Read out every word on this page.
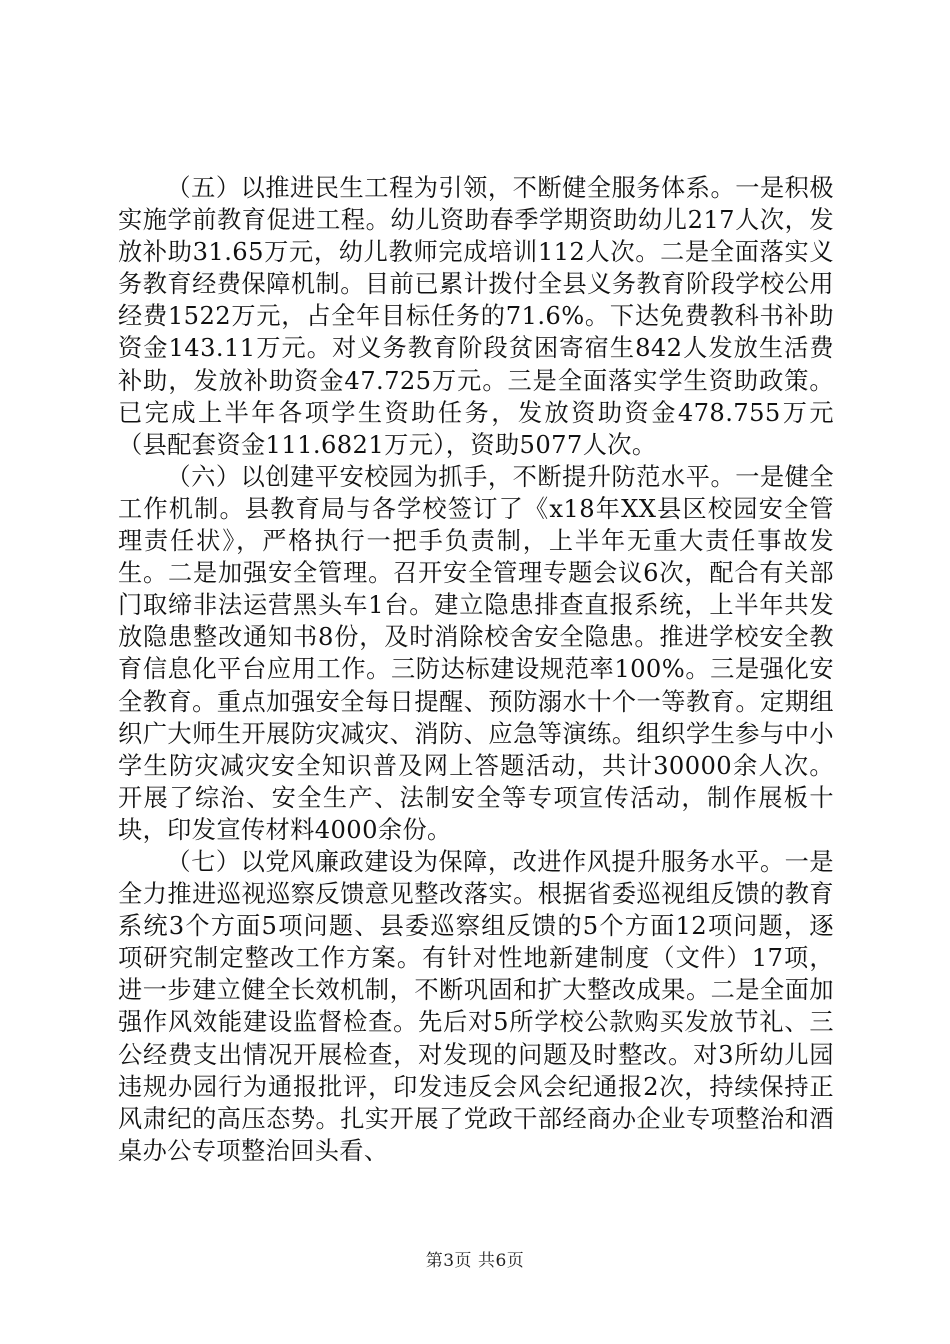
（五）以推进民生工程为引领，不断健全服务体系。一是积极实施学前教育促进工程。幼儿资助春季学期资助幼儿217人次，发放补助31.65万元，幼儿教师完成培训112人次。二是全面落实义务教育经费保障机制。目前已累计拨付全县义务教育阶段学校公用经费1522万元，占全年目标任务的71.6%。下达免费教科书补助资金143.11万元。对义务教育阶段贫困寄宿生842人发放生活费补助，发放补助资金47.725万元。三是全面落实学生资助政策。已完成上半年各项学生资助任务，发放资助资金478.755万元（县配套资金111.6821万元），资助5077人次。

（六）以创建平安校园为抓手，不断提升防范水平。一是健全工作机制。县教育局与各学校签订了《x18年XX县区校园安全管理责任状》，严格执行一把手负责制，上半年无重大责任事故发生。二是加强安全管理。召开安全管理专题会议6次，配合有关部门取缔非法运营黑头车1台。建立隐患排查直报系统，上半年共发放隐患整改通知书8份，及时消除校舍安全隐患。推进学校安全教育信息化平台应用工作。三防达标建设规范率100%。三是强化安全教育。重点加强安全每日提醒、预防溺水十个一等教育。定期组织广大师生开展防灾减灾、消防、应急等演练。组织学生参与中小学生防灾减灾安全知识普及网上答题活动，共计30000余人次。开展了综治、安全生产、法制安全等专项宣传活动，制作展板十块，印发宣传材料4000余份。

（七）以党风廉政建设为保障，改进作风提升服务水平。一是全力推进巡视巡察反馈意见整改落实。根据省委巡视组反馈的教育系统3个方面5项问题、县委巡察组反馈的5个方面12项问题，逐项研究制定整改工作方案。有针对性地新建制度（文件）17项，进一步建立健全长效机制，不断巩固和扩大整改成果。二是全面加强作风效能建设监督检查。先后对5所学校公款购买发放节礼、三公经费支出情况开展检查，对发现的问题及时整改。对3所幼儿园违规办园行为通报批评，印发违反会风会纪通报2次，持续保持正风肃纪的高压态势。扎实开展了党政干部经商办企业专项整治和酒桌办公专项整治回头看、

第3页 共6页
